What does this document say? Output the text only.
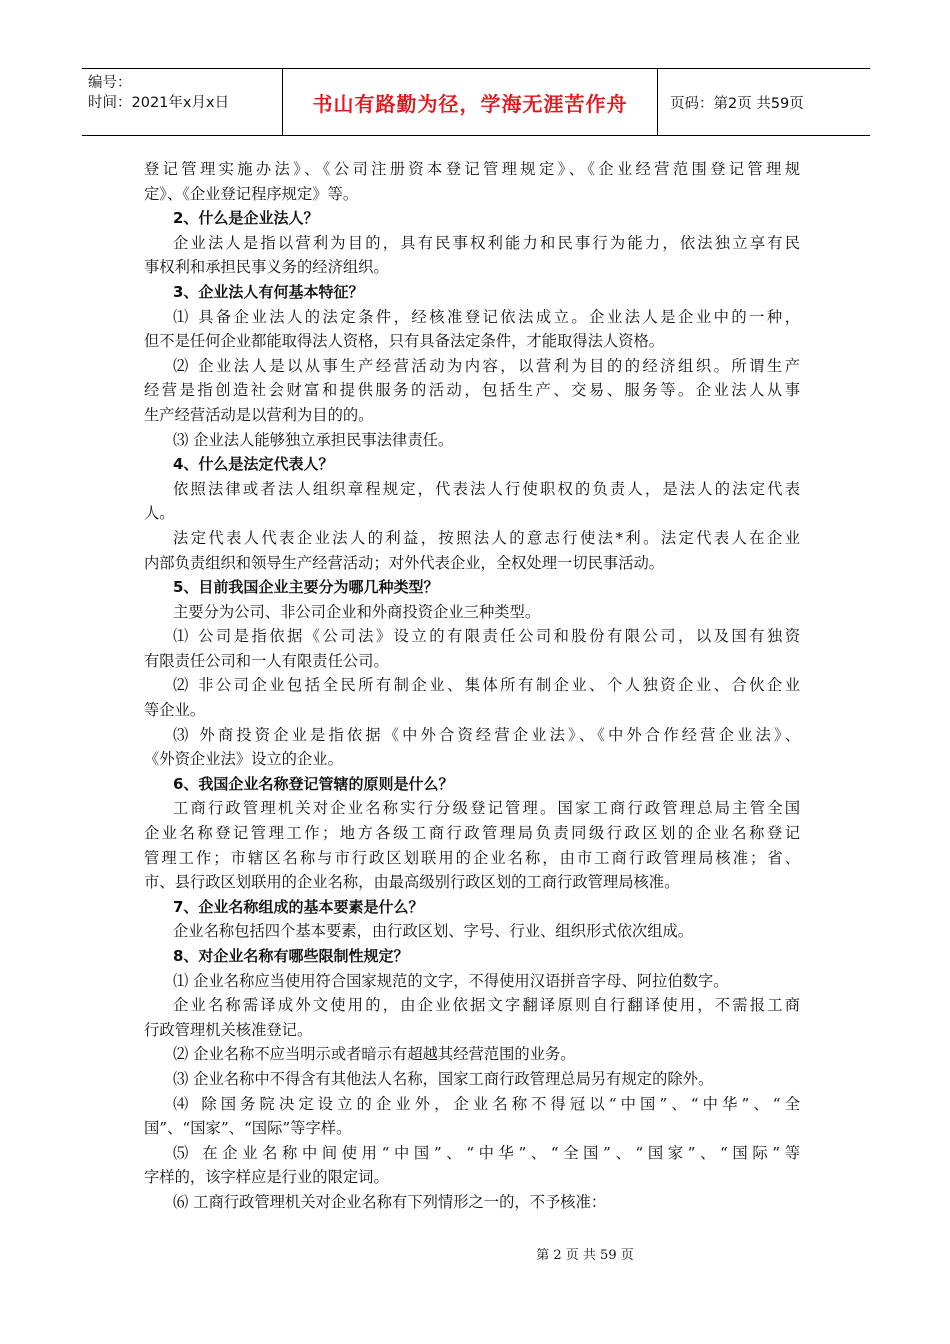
编号：
时间：2021年x月x日	书山有路勤为径，学海无涯苦作舟	页码：第2页 共59页
登记管理实施办法》、《公司注册资本登记管理规定》、《企业经营范围登记管理规
定》、《企业登记程序规定》等。
2、什么是企业法人？
企业法人是指以营利为目的，具有民事权利能力和民事行为能力，依法独立享有民
事权利和承担民事义务的经济组织。
3、企业法人有何基本特征？
⑴ 具备企业法人的法定条件，经核准登记依法成立。企业法人是企业中的一种，
但不是任何企业都能取得法人资格，只有具备法定条件，才能取得法人资格。
⑵ 企业法人是以从事生产经营活动为内容，以营利为目的的经济组织。所谓生产
经营是指创造社会财富和提供服务的活动，包括生产、交易、服务等。企业法人从事
生产经营活动是以营利为目的的。
⑶ 企业法人能够独立承担民事法律责任。
4、什么是法定代表人？
依照法律或者法人组织章程规定，代表法人行使职权的负责人，是法人的法定代表
人。
法定代表人代表企业法人的利益，按照法人的意志行使法*利。法定代表人在企业
内部负责组织和领导生产经营活动；对外代表企业，全权处理一切民事活动。
5、目前我国企业主要分为哪几种类型？
主要分为公司、非公司企业和外商投资企业三种类型。
⑴ 公司是指依据《公司法》设立的有限责任公司和股份有限公司，以及国有独资
有限责任公司和一人有限责任公司。
⑵ 非公司企业包括全民所有制企业、集体所有制企业、个人独资企业、合伙企业
等企业。
⑶ 外商投资企业是指依据《中外合资经营企业法》、《中外合作经营企业法》、
《外资企业法》设立的企业。
6、我国企业名称登记管辖的原则是什么？
工商行政管理机关对企业名称实行分级登记管理。国家工商行政管理总局主管全国
企业名称登记管理工作；地方各级工商行政管理局负责同级行政区划的企业名称登记
管理工作；市辖区名称与市行政区划联用的企业名称，由市工商行政管理局核准；省、
市、县行政区划联用的企业名称，由最高级别行政区划的工商行政管理局核准。
7、企业名称组成的基本要素是什么？
企业名称包括四个基本要素，由行政区划、字号、行业、组织形式依次组成。
8、对企业名称有哪些限制性规定？
⑴ 企业名称应当使用符合国家规范的文字，不得使用汉语拼音字母、阿拉伯数字。
企业名称需译成外文使用的，由企业依据文字翻译原则自行翻译使用，不需报工商
行政管理机关核准登记。
⑵ 企业名称不应当明示或者暗示有超越其经营范围的业务。
⑶ 企业名称中不得含有其他法人名称，国家工商行政管理总局另有规定的除外。
⑷ 除国务院决定设立的企业外，企业名称不得冠以“中国”、“中华”、“全
国”、“国家”、“国际”等字样。
⑸ 在企业名称中间使用“中国”、“中华”、“全国”、“国家”、“国际”等
字样的，该字样应是行业的限定词。
⑹ 工商行政管理机关对企业名称有下列情形之一的，不予核准：
第 2 页 共 59 页
